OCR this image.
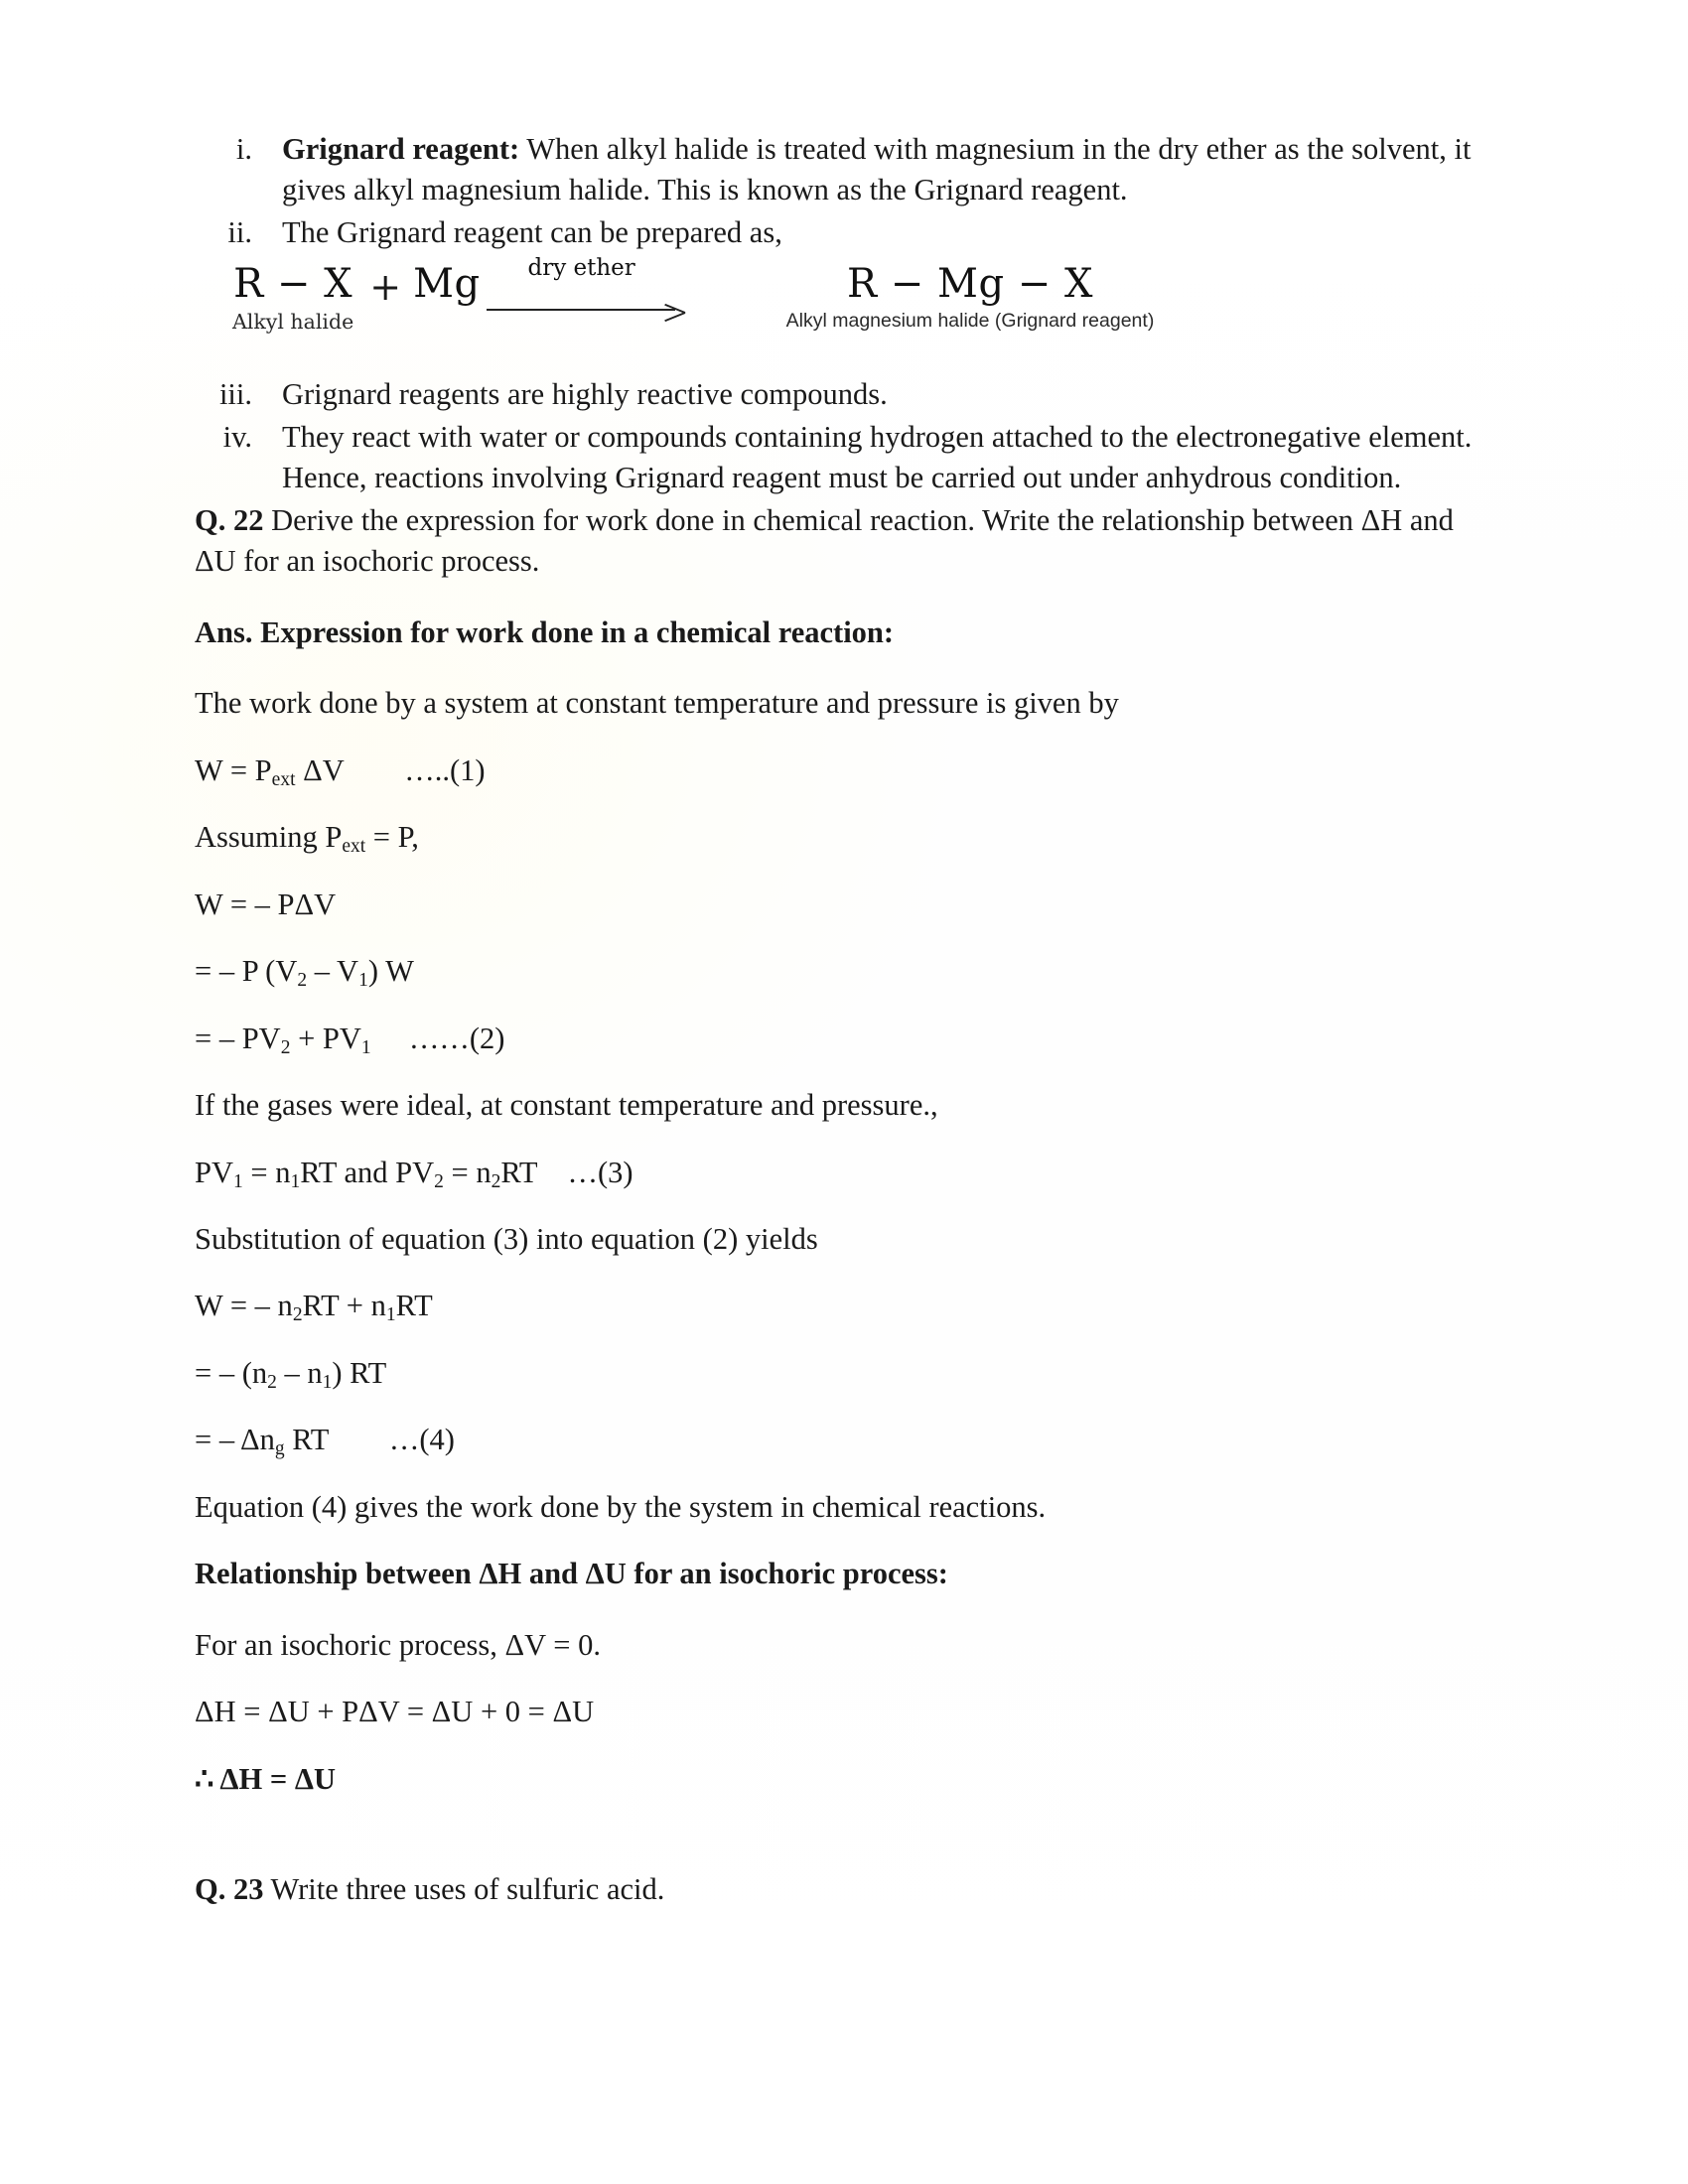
i. Grignard reagent: When alkyl halide is treated with magnesium in the dry ether as the solvent, it gives alkyl magnesium halide. This is known as the Grignard reagent.
ii. The Grignard reagent can be prepared as,
R − X
Alkyl halide
+ Mg	dry ether	R − Mg − X
Alkyl magnesium halide (Grignard reagent)
iii. Grignard reagents are highly reactive compounds.
iv. They react with water or compounds containing hydrogen attached to the electronegative element.
Hence, reactions involving Grignard reagent must be carried out under anhydrous condition.

Q. 22 Derive the expression for work done in chemical reaction. Write the relationship between ΔH and ΔU for an isochoric process.

Ans. Expression for work done in a chemical reaction:

The work done by a system at constant temperature and pressure is given by

$W = P_{ext}$ ΔV …..(1)

Assuming $P_{ext} = P$,

W = – PΔV

= – P $(V_2 - V_1)$ W

= – $PV_2 + PV_1$ ……(2)

If the gases were ideal, at constant temperature and pressure.,

$PV_1 = n_1RT$ and $PV_2 = n_2RT$ …(3)

Substitution of equation (3) into equation (2) yields

W = – $n_2RT + n_1RT$

= – $(n_2 - n_1)$ RT

= – $\Delta n_g$ RT …(4)

Equation (4) gives the work done by the system in chemical reactions.

Relationship between ΔH and ΔU for an isochoric process:

For an isochoric process, ΔV = 0.

ΔH = ΔU + PΔV = ΔU + 0 = ΔU

∴ ΔH = ΔU

Q. 23 Write three uses of sulfuric acid.
